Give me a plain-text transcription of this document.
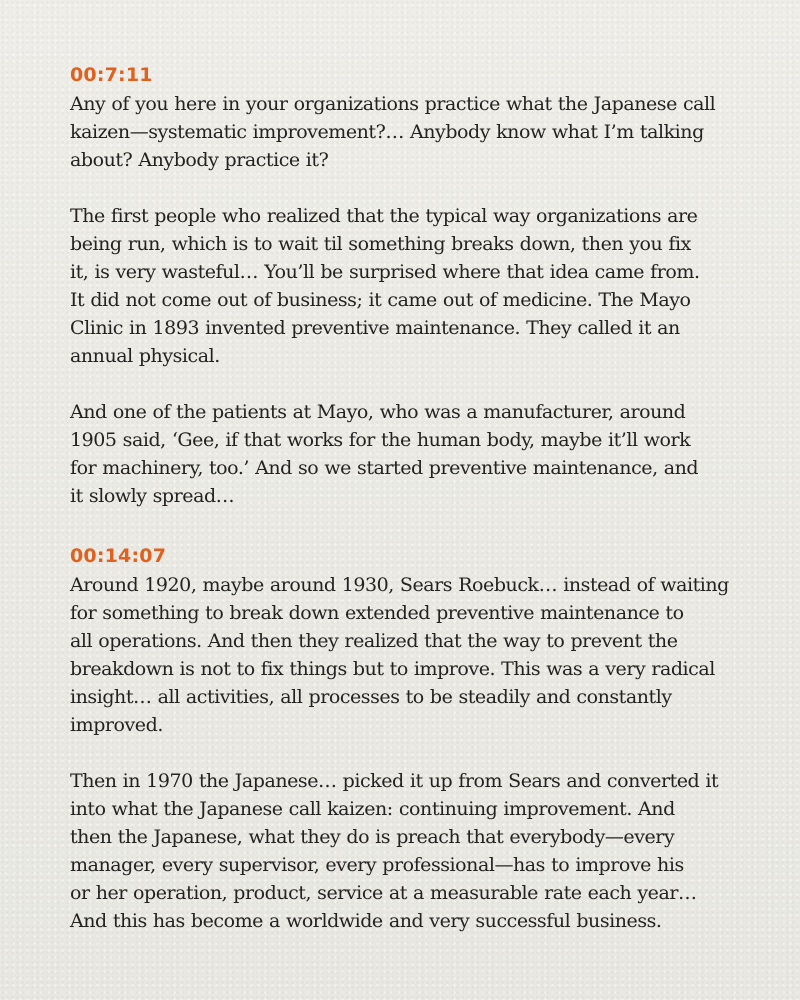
00:7:11

Any of you here in your organizations practice what the Japanese call
kaizen—systematic improvement?… Anybody know what I’m talking
about? Anybody practice it?

The first people who realized that the typical way organizations are
being run, which is to wait til something breaks down, then you fix
it, is very wasteful… You’ll be surprised where that idea came from.
It did not come out of business; it came out of medicine. The Mayo
Clinic in 1893 invented preventive maintenance. They called it an
annual physical.

And one of the patients at Mayo, who was a manufacturer, around
1905 said, ‘Gee, if that works for the human body, maybe it’ll work
for machinery, too.’ And so we started preventive maintenance, and
it slowly spread…

00:14:07

Around 1920, maybe around 1930, Sears Roebuck… instead of waiting
for something to break down extended preventive maintenance to
all operations. And then they realized that the way to prevent the
breakdown is not to fix things but to improve. This was a very radical
insight… all activities, all processes to be steadily and constantly
improved.

Then in 1970 the Japanese… picked it up from Sears and converted it
into what the Japanese call kaizen: continuing improvement. And
then the Japanese, what they do is preach that everybody—every
manager, every supervisor, every professional—has to improve his
or her operation, product, service at a measurable rate each year…
And this has become a worldwide and very successful business.
